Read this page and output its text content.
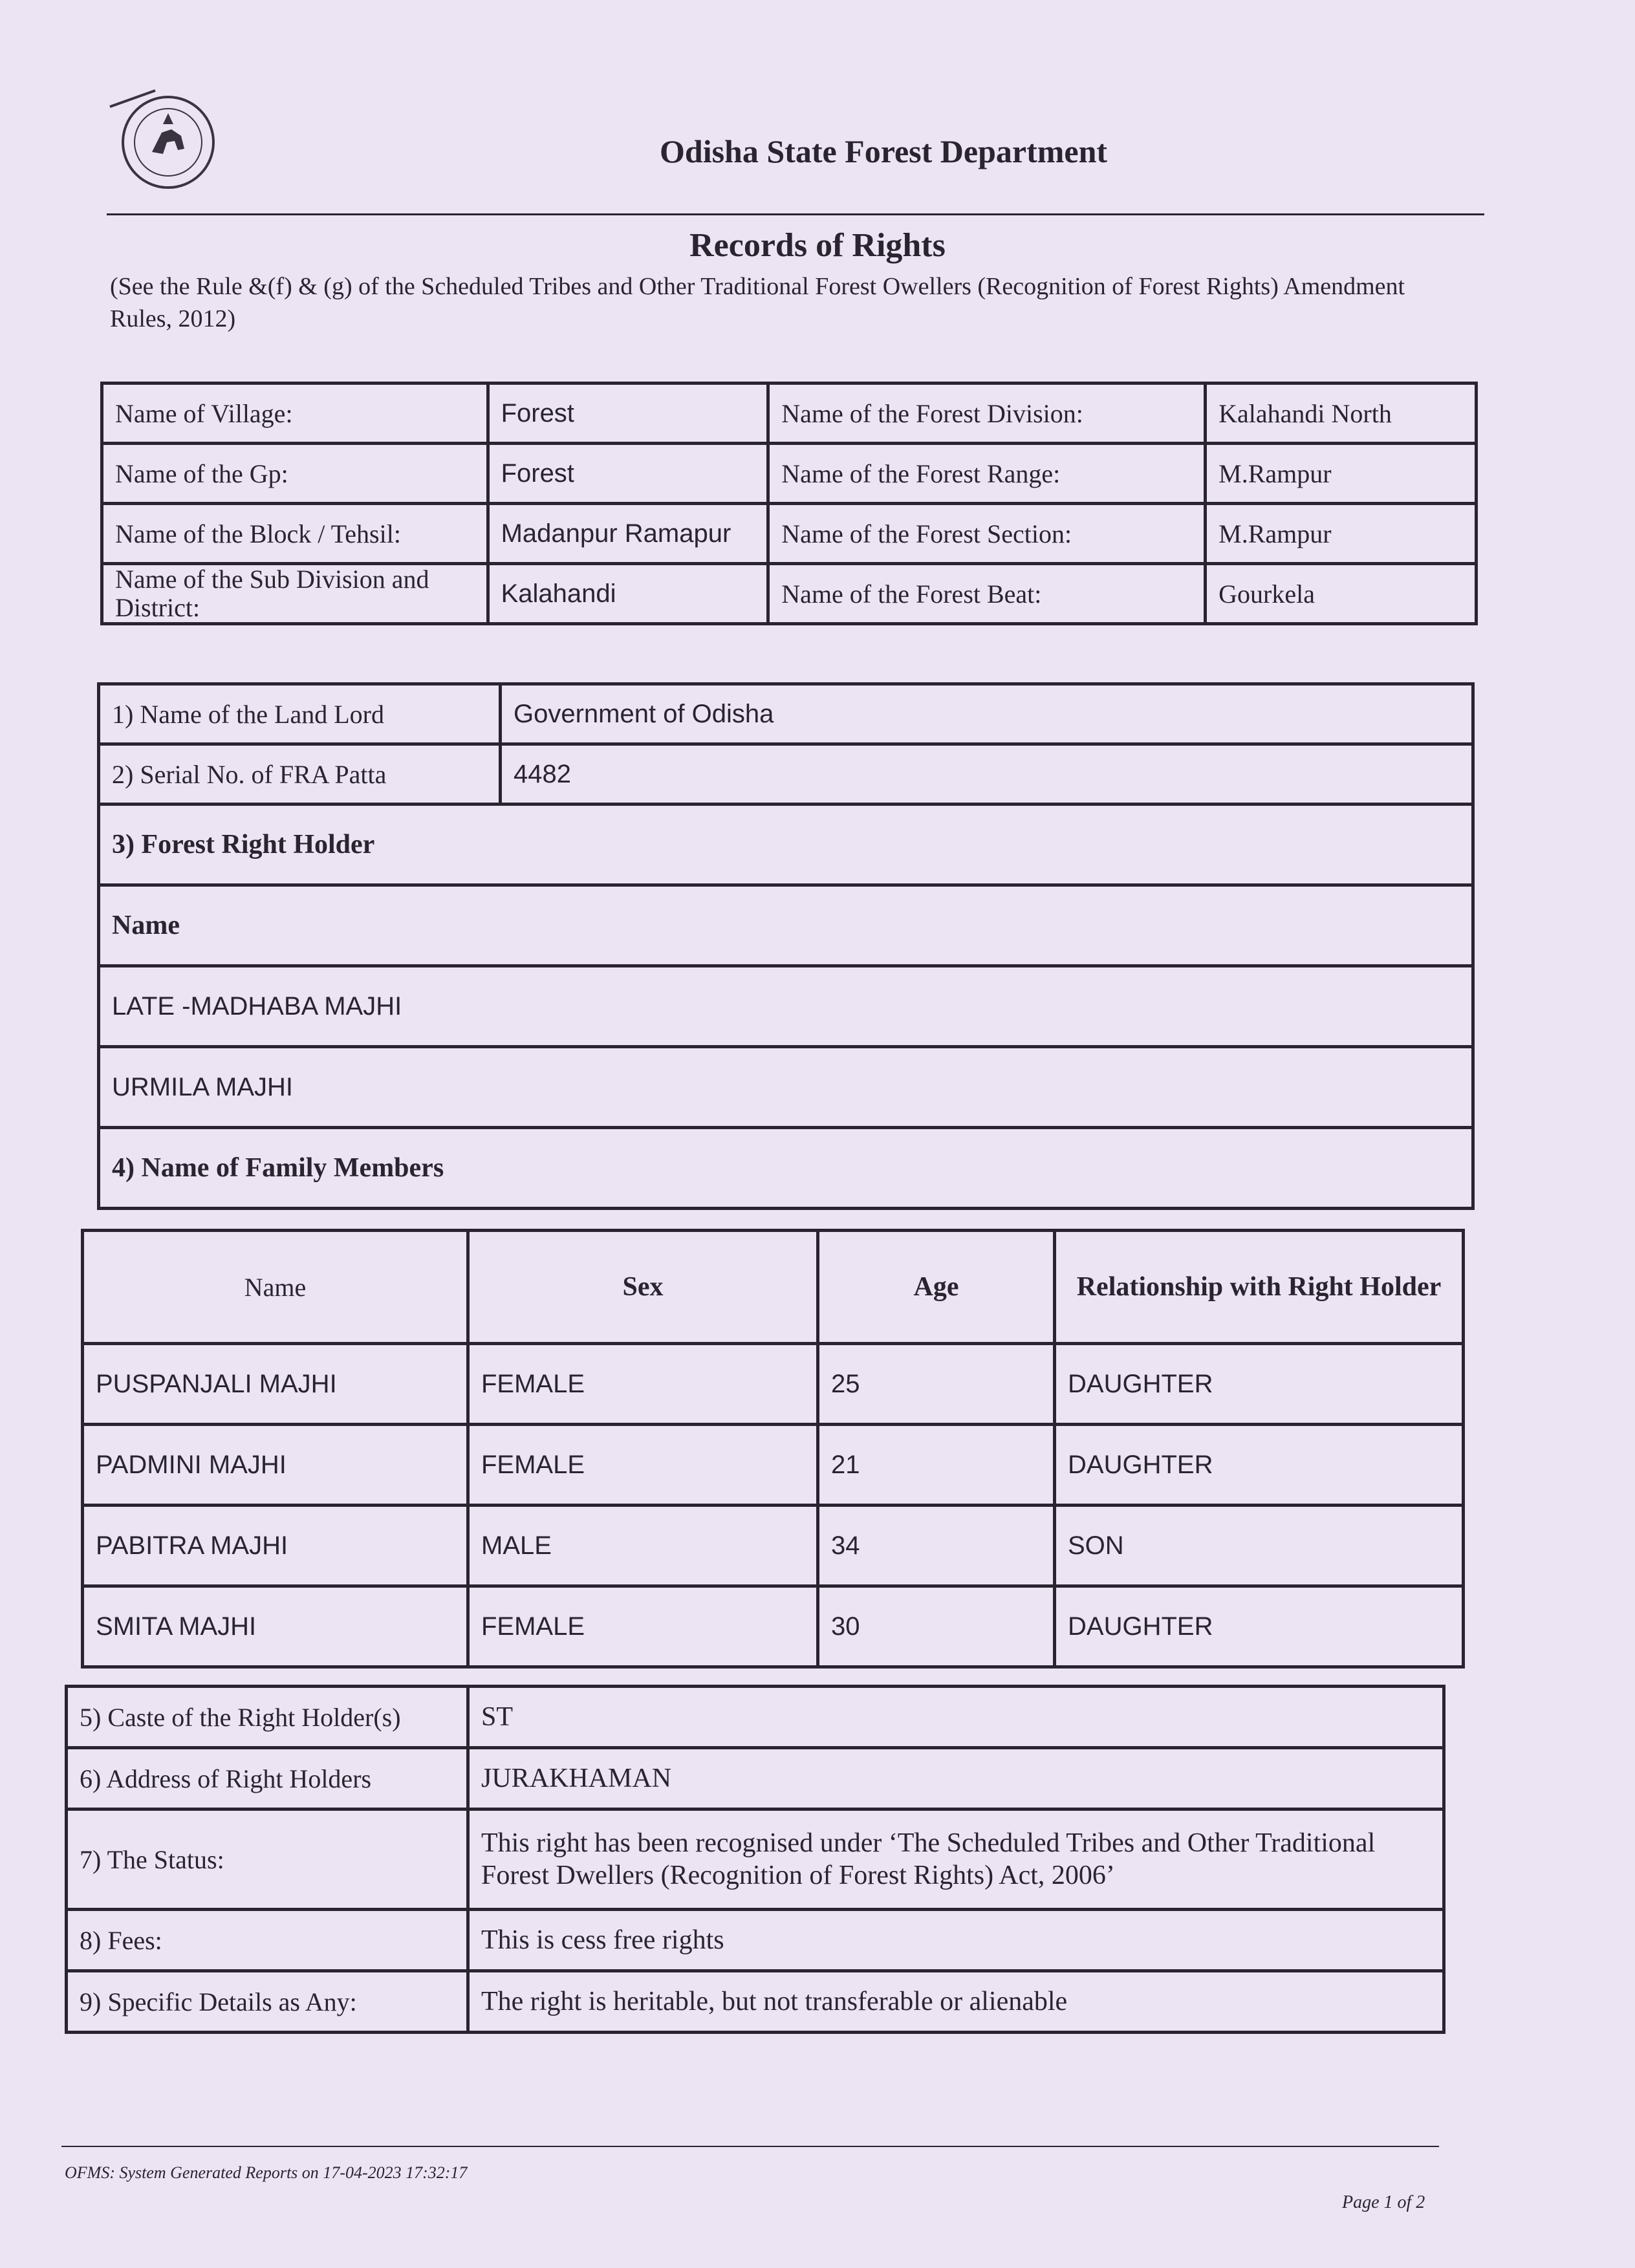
Odisha State Forest Department
Records of Rights
(See the Rule &(f) & (g) of the Scheduled Tribes and Other Traditional Forest Owellers (Recognition of Forest Rights) Amendment Rules, 2012)
Name of Village:	Forest	Name of the Forest Division:	Kalahandi North
Name of the Gp:	Forest	Name of the Forest Range:	M.Rampur
Name of the Block / Tehsil:	Madanpur Ramapur	Name of the Forest Section:	M.Rampur
Name of the Sub Division and District:	Kalahandi	Name of the Forest Beat:	Gourkela
1) Name of the Land Lord	Government of Odisha
2) Serial No. of FRA Patta	4482
3) Forest Right Holder	
Name	
LATE -MADHABA MAJHI	
URMILA MAJHI	
4) Name of Family Members	
Name	Sex	Age	Relationship with Right Holder
PUSPANJALI MAJHI	FEMALE	25	DAUGHTER
PADMINI MAJHI	FEMALE	21	DAUGHTER
PABITRA MAJHI	MALE	34	SON
SMITA MAJHI	FEMALE	30	DAUGHTER
5) Caste of the Right Holder(s)	ST
6) Address of Right Holders	JURAKHAMAN
7) The Status:	This right has been recognised under ‘The Scheduled Tribes and Other Traditional
Forest Dwellers (Recognition of Forest Rights) Act, 2006’

8) Fees:	This is cess free rights
9) Specific Details as Any:	The right is heritable, but not transferable or alienable
OFMS: System Generated Reports on 17-04-2023 17:32:17
Page 1 of 2
